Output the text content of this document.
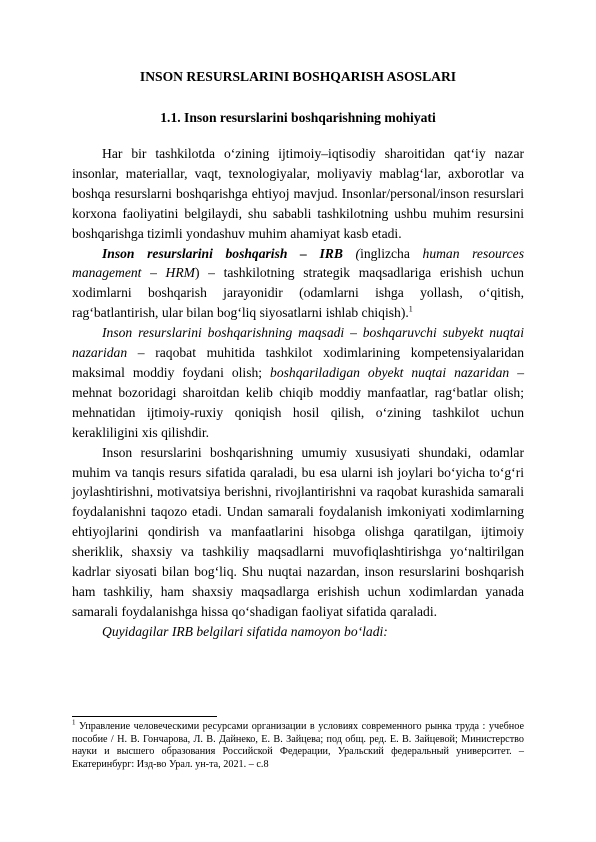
INSON RESURSLARINI BOSHQARISH ASOSLARI
1.1. Inson resurslarini boshqarishning mohiyati

Har bir tashkilotda o‘zining ijtimoiy–iqtisodiy sharoitidan qat‘iy nazar insonlar, materiallar, vaqt, texnologiyalar, moliyaviy mablag‘lar, axborotlar va boshqa resurslarni boshqarishga ehtiyoj mavjud. Insonlar/personal/inson resurslari korxona faoliyatini belgilaydi, shu sababli tashkilotning ushbu muhim resursini boshqarishga tizimli yondashuv muhim ahamiyat kasb etadi.

Inson resurslarini boshqarish – IRB (inglizcha human resources management – HRM) – tashkilotning strategik maqsadlariga erishish uchun xodimlarni boshqarish jarayonidir (odamlarni ishga yollash, o‘qitish, rag‘batlantirish, ular bilan bog‘liq siyosatlarni ishlab chiqish).$^1$

Inson resurslarini boshqarishning maqsadi – boshqaruvchi subyekt nuqtai nazaridan – raqobat muhitida tashkilot xodimlarining kompetensiyalaridan maksimal moddiy foydani olish; boshqariladigan obyekt nuqtai nazaridan – mehnat bozoridagi sharoitdan kelib chiqib moddiy manfaatlar, rag‘batlar olish; mehnatidan ijtimoiy-ruxiy qoniqish hosil qilish, o‘zining tashkilot uchun kerakliligini xis qilishdir.

Inson resurslarini boshqarishning umumiy xususiyati shundaki, odamlar muhim va tanqis resurs sifatida qaraladi, bu esa ularni ish joylari bo‘yicha to‘g‘ri joylashtirishni, motivatsiya berishni, rivojlantirishni va raqobat kurashida samarali foydalanishni taqozo etadi. Undan samarali foydalanish imkoniyati xodimlarning ehtiyojlarini qondirish va manfaatlarini hisobga olishga qaratilgan, ijtimoiy sheriklik, shaxsiy va tashkiliy maqsadlarni muvofiqlashtirishga yo‘naltirilgan kadrlar siyosati bilan bog‘liq. Shu nuqtai nazardan, inson resurslarini boshqarish ham tashkiliy, ham shaxsiy maqsadlarga erishish uchun xodimlardan yanada samarali foydalanishga hissa qo‘shadigan faoliyat sifatida qaraladi.

Quyidagilar IRB belgilari sifatida namoyon bo‘ladi:

$^1$ Управление человеческими ресурсами организации в условиях современного рынка труда : учебное пособие / Н. В. Гончарова, Л. В. Дайнеко, Е. В. Зайцева; под общ. ред. Е. В. Зайцевой; Министерство науки и высшего образования Российской Федерации, Уральский федеральный университет. – Екатеринбург: Изд-во Урал. ун-та, 2021. – с.8
